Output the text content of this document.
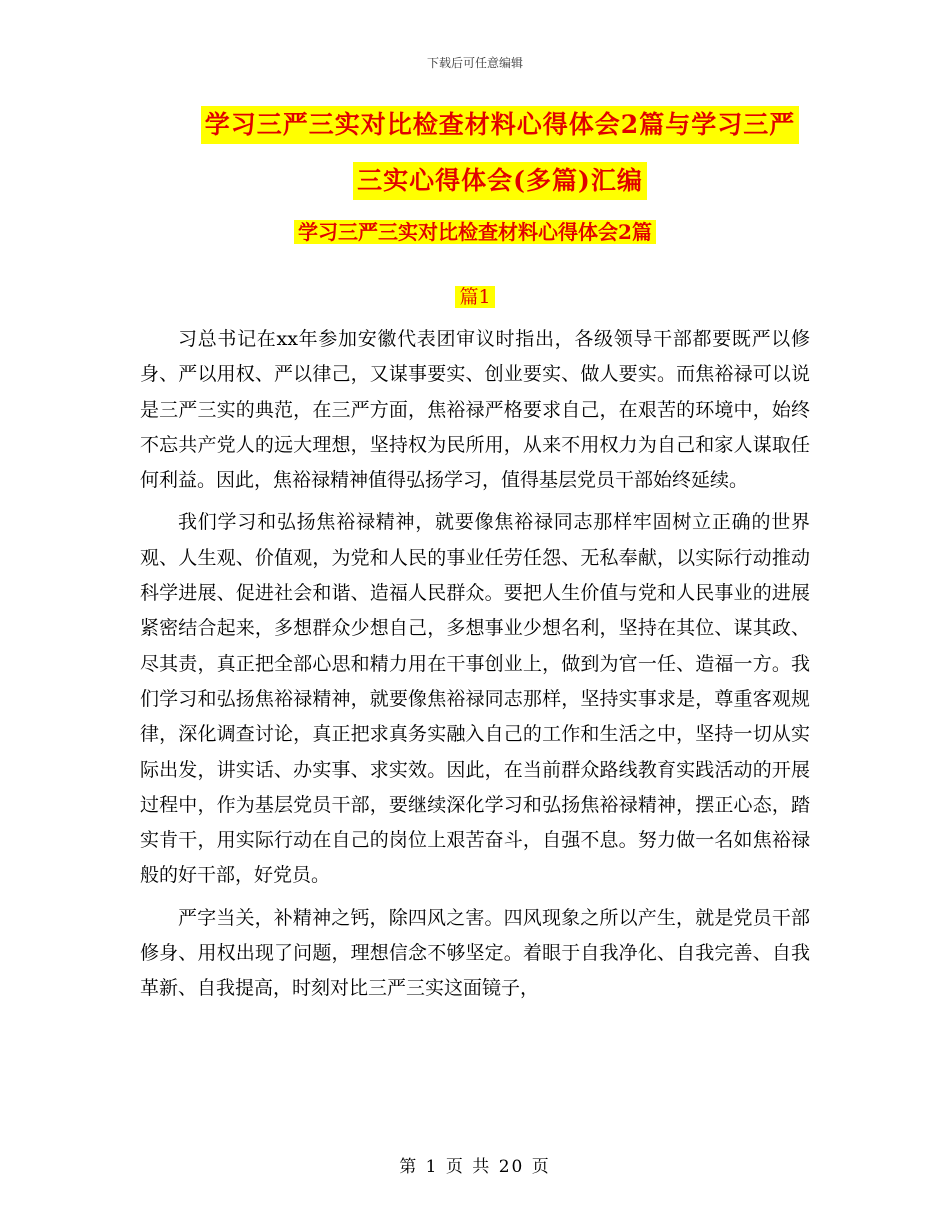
下载后可任意编辑
学习三严三实对比检查材料心得体会2篇与学习三严
三实心得体会(多篇)汇编
学习三严三实对比检查材料心得体会2篇
篇1

习总书记在xx年参加安徽代表团审议时指出，各级领导干部都要既严以修身、严以用权、严以律己，又谋事要实、创业要实、做人要实。而焦裕禄可以说是三严三实的典范，在三严方面，焦裕禄严格要求自己，在艰苦的环境中，始终不忘共产党人的远大理想，坚持权为民所用，从来不用权力为自己和家人谋取任何利益。因此，焦裕禄精神值得弘扬学习，值得基层党员干部始终延续。

我们学习和弘扬焦裕禄精神，就要像焦裕禄同志那样牢固树立正确的世界观、人生观、价值观，为党和人民的事业任劳任怨、无私奉献，以实际行动推动科学进展、促进社会和谐、造福人民群众。要把人生价值与党和人民事业的进展紧密结合起来，多想群众少想自己，多想事业少想名利，坚持在其位、谋其政、尽其责，真正把全部心思和精力用在干事创业上，做到为官一任、造福一方。我们学习和弘扬焦裕禄精神，就要像焦裕禄同志那样，坚持实事求是，尊重客观规律，深化调查讨论，真正把求真务实融入自己的工作和生活之中，坚持一切从实际出发，讲实话、办实事、求实效。因此，在当前群众路线教育实践活动的开展过程中，作为基层党员干部，要继续深化学习和弘扬焦裕禄精神，摆正心态，踏实肯干，用实际行动在自己的岗位上艰苦奋斗，自强不息。努力做一名如焦裕禄般的好干部，好党员。

严字当关，补精神之钙，除四风之害。四风现象之所以产生，就是党员干部修身、用权出现了问题，理想信念不够坚定。着眼于自我净化、自我完善、自我革新、自我提高，时刻对比三严三实这面镜子，

第 1 页 共 20 页
